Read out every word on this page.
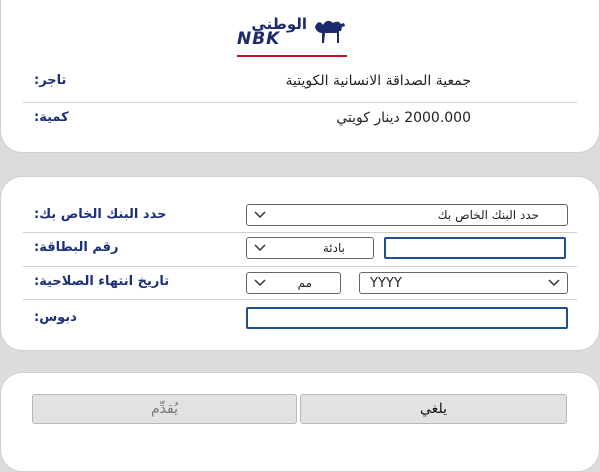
الوطني
NBK
:تاجر	جمعية الصداقة الانسانية الكويتية
:كمية	2000.000 دينار كويتي
:حدد البنك الخاص بك	حدد البنك الخاص بك
:رقم البطاقة	بادئة
:تاريخ انتهاء الصلاحية	مم	YYYY
:دبوس
يُقدِّم	يلغي
